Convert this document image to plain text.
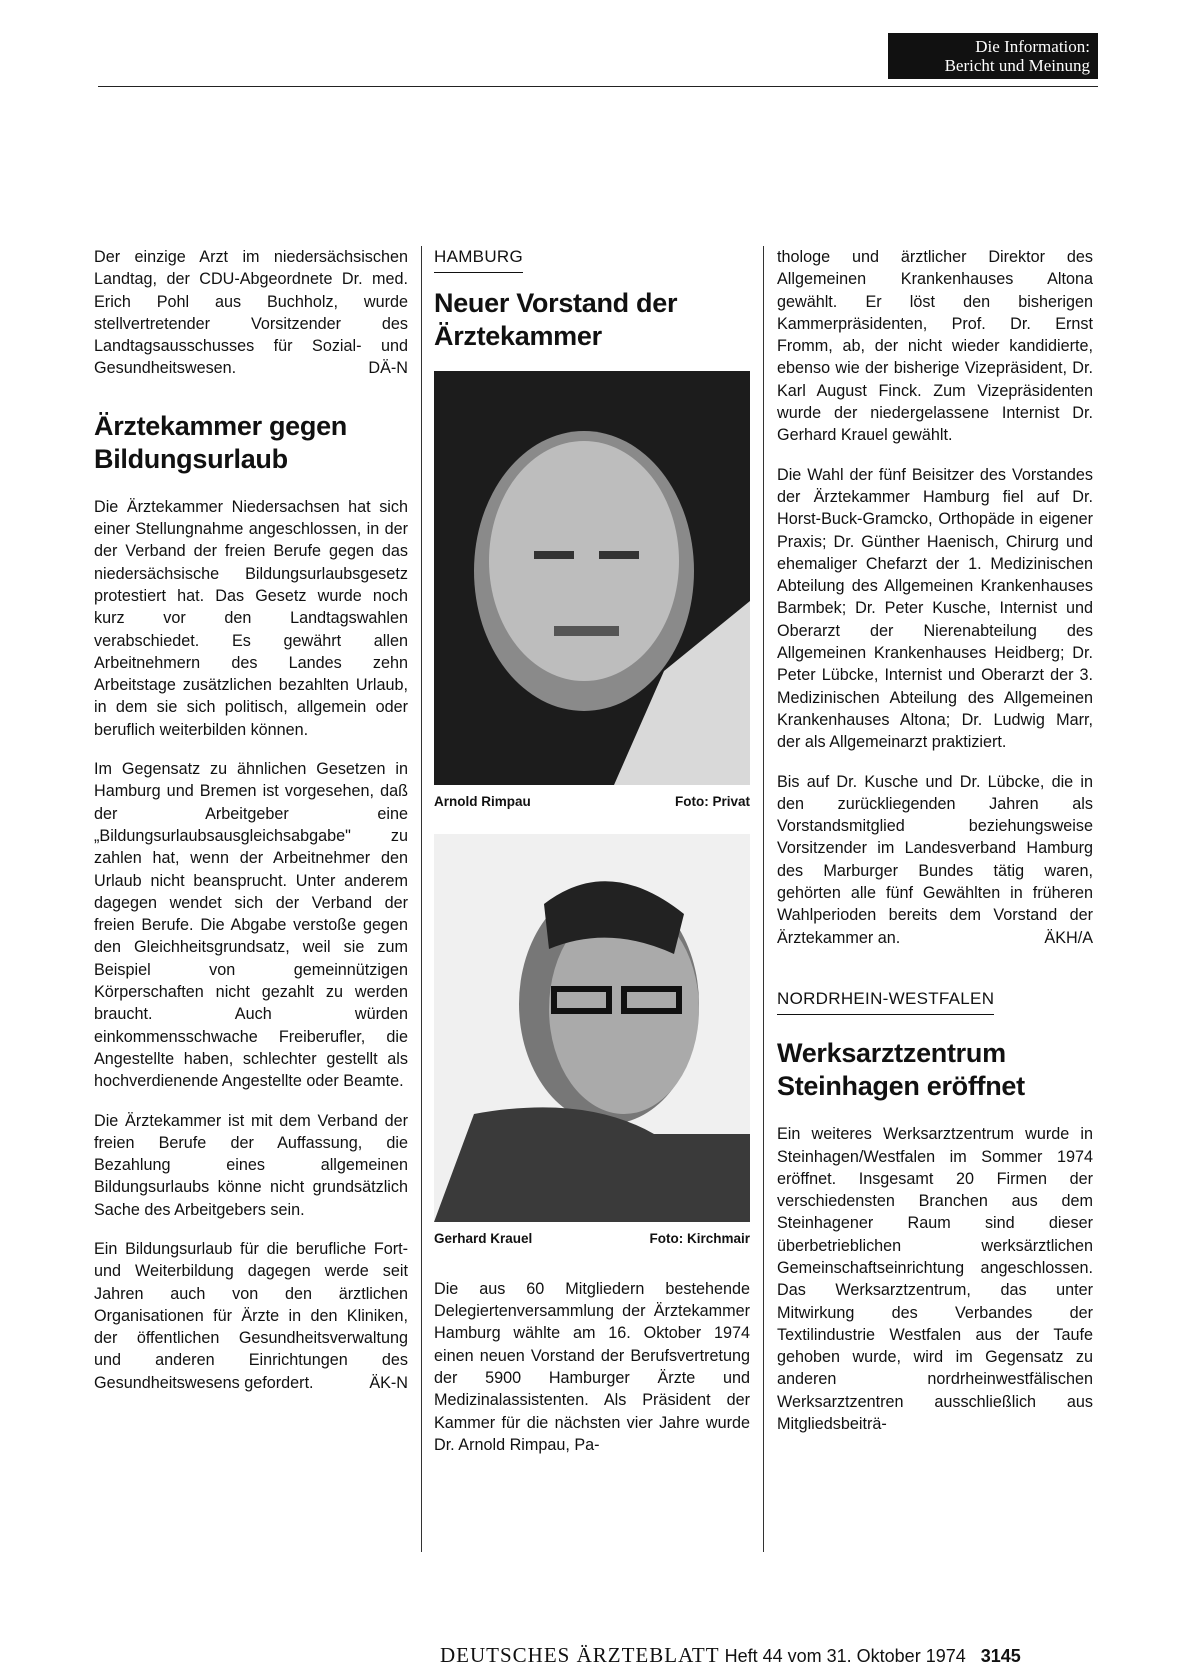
Die Information:
Bericht und Meinung

Der einzige Arzt im niedersächsischen Landtag, der CDU-Abgeordnete Dr. med. Erich Pohl aus Buchholz, wurde stellvertretender Vorsitzender des Landtagsausschusses für Sozial- und Gesundheitswesen.	DÄ-N

Ärztekammer gegen Bildungsurlaub

Die Ärztekammer Niedersachsen hat sich einer Stellungnahme angeschlossen, in der der Verband der freien Berufe gegen das niedersächsische Bildungsurlaubsgesetz protestiert hat. Das Gesetz wurde noch kurz vor den Landtagswahlen verabschiedet. Es gewährt allen Arbeitnehmern des Landes zehn Arbeitstage zusätzlichen bezahlten Urlaub, in dem sie sich politisch, allgemein oder beruflich weiterbilden können.

Im Gegensatz zu ähnlichen Gesetzen in Hamburg und Bremen ist vorgesehen, daß der Arbeitgeber eine „Bildungsurlaubsausgleichsabgabe" zu zahlen hat, wenn der Arbeitnehmer den Urlaub nicht beansprucht. Unter anderem dagegen wendet sich der Verband der freien Berufe. Die Abgabe verstoße gegen den Gleichheitsgrundsatz, weil sie zum Beispiel von gemeinnützigen Körperschaften nicht gezahlt zu werden braucht. Auch würden einkommensschwache Freiberufler, die Angestellte haben, schlechter gestellt als hochverdienende Angestellte oder Beamte.

Die Ärztekammer ist mit dem Verband der freien Berufe der Auffassung, die Bezahlung eines allgemeinen Bildungsurlaubs könne nicht grundsätzlich Sache des Arbeitgebers sein.

Ein Bildungsurlaub für die berufliche Fort- und Weiterbildung dagegen werde seit Jahren auch von den ärztlichen Organisationen für Ärzte in den Kliniken, der öffentlichen Gesundheitsverwaltung und anderen Einrichtungen des Gesundheitswesens gefordert.	ÄK-N

HAMBURG
Neuer Vorstand der Ärztekammer
Arnold Rimpau	Foto: Privat
Gerhard Krauel	Foto: Kirchmair

Die aus 60 Mitgliedern bestehende Delegiertenversammlung der Ärztekammer Hamburg wählte am 16. Oktober 1974 einen neuen Vorstand der Berufsvertretung der 5900 Hamburger Ärzte und Medizinalassistenten. Als Präsident der Kammer für die nächsten vier Jahre wurde Dr. Arnold Rimpau, Pa-

thologe und ärztlicher Direktor des Allgemeinen Krankenhauses Altona gewählt. Er löst den bisherigen Kammerpräsidenten, Prof. Dr. Ernst Fromm, ab, der nicht wieder kandidierte, ebenso wie der bisherige Vizepräsident, Dr. Karl August Finck. Zum Vizepräsidenten wurde der niedergelassene Internist Dr. Gerhard Krauel gewählt.

Die Wahl der fünf Beisitzer des Vorstandes der Ärztekammer Hamburg fiel auf Dr. Horst-Buck-Gramcko, Orthopäde in eigener Praxis; Dr. Günther Haenisch, Chirurg und ehemaliger Chefarzt der 1. Medizinischen Abteilung des Allgemeinen Krankenhauses Barmbek; Dr. Peter Kusche, Internist und Oberarzt der Nierenabteilung des Allgemeinen Krankenhauses Heidberg; Dr. Peter Lübcke, Internist und Oberarzt der 3. Medizinischen Abteilung des Allgemeinen Krankenhauses Altona; Dr. Ludwig Marr, der als Allgemeinarzt praktiziert.

Bis auf Dr. Kusche und Dr. Lübcke, die in den zurückliegenden Jahren als Vorstandsmitglied beziehungsweise Vorsitzender im Landesverband Hamburg des Marburger Bundes tätig waren, gehörten alle fünf Gewählten in früheren Wahlperioden bereits dem Vorstand der Ärztekammer an.	ÄKH/A

NORDRHEIN-WESTFALEN
Werksarztzentrum Steinhagen eröffnet

Ein weiteres Werksarztzentrum wurde in Steinhagen/Westfalen im Sommer 1974 eröffnet. Insgesamt 20 Firmen der verschiedensten Branchen aus dem Steinhagener Raum sind dieser überbetrieblichen werksärztlichen Gemeinschaftseinrichtung angeschlossen. Das Werksarztzentrum, das unter Mitwirkung des Verbandes der Textilindustrie Westfalen aus der Taufe gehoben wurde, wird im Gegensatz zu anderen nordrheinwestfälischen Werksarztzentren ausschließlich aus Mitgliedsbeiträ-

DEUTSCHES ÄRZTEBLATT Heft 44 vom 31. Oktober 1974 3145
